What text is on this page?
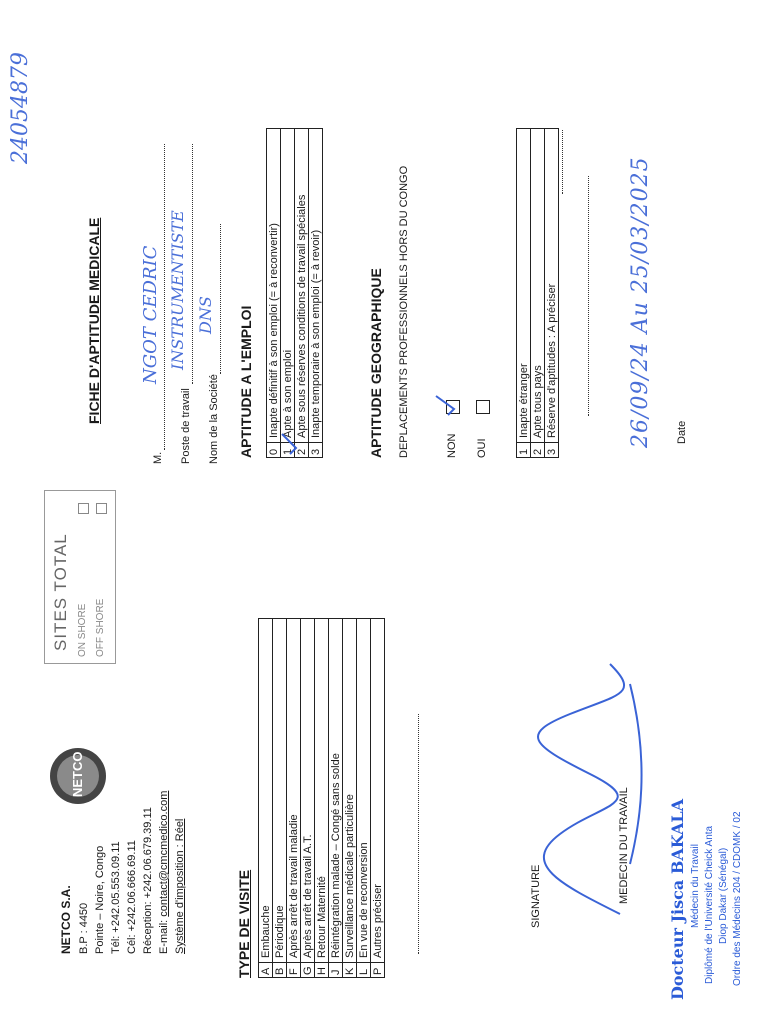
24054879
NETCO S.A. B.P : 4450 Pointe – Noire, Congo Tél: +242.05.553.09.11 Cél: +242.06.666.69.11 Réception: +242.06.679.39.11 E-mail: contact@cmcmedico.com Système d'imposition : Réel
NETCO
SITES TOTAL ON SHORE OFF SHORE
TYPE DE VISITE A	Embauche
B	Périodique
F	Après arrêt de travail maladie
G	Après arrêt de travail A.T.
H	Retour Maternité
J	Réintégration malade – Congé sans solde
K	Surveillance médicale particulière
L	En vue de reconversion
P	Autres préciser	SIGNATURE	MEDECIN DU TRAVAIL Docteur Jisca BAKALA Médecin du Travail Diplômé de l'Université Cheick Anta Diop Dakar (Sénégal) Ordre des Médecins 204 / CDOMK / 02
FICHE D'APTITUDE MEDICALE
M.
NGOT CEDRIC
Poste de travail
INSTRUMENTISTE
Nom de la Société
DNS APTITUDE A L'EMPLOI 0	Inapte définitif à son emploi (= à reconvertir)
1	Apte à son emploi
2	Apte sous réserves conditions de travail spéciales
3	Inapte temporaire à son emploi (= à revoir)	APTITUDE GEOGRAPHIQUE DEPLACEMENTS PROFESSIONNELS HORS DU CONGO	NON OUI	1	Inapte étranger
2	Apte tous pays
3	Réserve d'aptitudes : A préciser	26/09/24 Au 25/03/2025 Date
